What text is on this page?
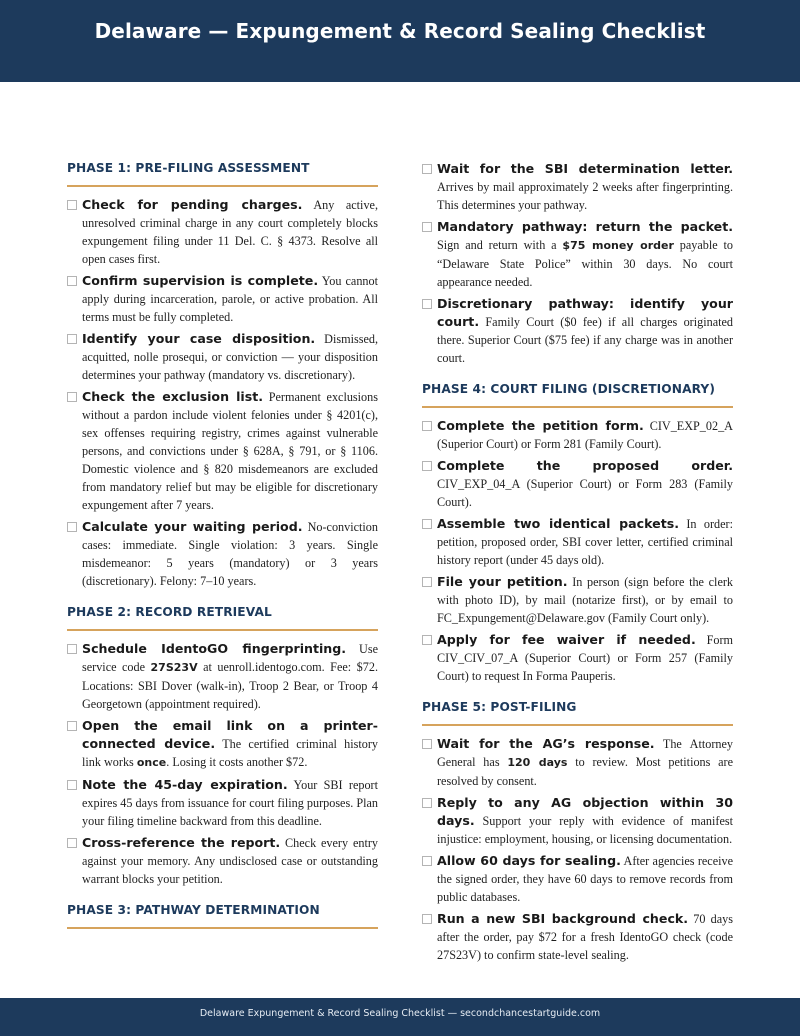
Delaware — Expungement & Record Sealing Checklist
PHASE 1: PRE-FILING ASSESSMENT
Check for pending charges. Any active, unresolved criminal charge in any court completely blocks expungement filing under 11 Del. C. § 4373. Resolve all open cases first.
Confirm supervision is complete. You cannot apply during incarceration, parole, or active probation. All terms must be fully completed.
Identify your case disposition. Dismissed, acquitted, nolle prosequi, or conviction — your disposition determines your pathway (mandatory vs. discretionary).
Check the exclusion list. Permanent exclusions without a pardon include violent felonies under § 4201(c), sex offenses requiring registry, crimes against vulnerable persons, and convictions under § 628A, § 791, or § 1106. Domestic violence and § 820 misdemeanors are excluded from mandatory relief but may be eligible for discretionary expungement after 7 years.
Calculate your waiting period. No-conviction cases: immediate. Single violation: 3 years. Single misdemeanor: 5 years (mandatory) or 3 years (discretionary). Felony: 7–10 years.
PHASE 2: RECORD RETRIEVAL
Schedule IdentoGO fingerprinting. Use service code 27S23V at uenroll.identogo.com. Fee: $72. Locations: SBI Dover (walk-in), Troop 2 Bear, or Troop 4 Georgetown (appointment required).
Open the email link on a printer-connected device. The certified criminal history link works once. Losing it costs another $72.
Note the 45-day expiration. Your SBI report expires 45 days from issuance for court filing purposes. Plan your filing timeline backward from this deadline.
Cross-reference the report. Check every entry against your memory. Any undisclosed case or outstanding warrant blocks your petition.
PHASE 3: PATHWAY DETERMINATION
Wait for the SBI determination letter. Arrives by mail approximately 2 weeks after fingerprinting. This determines your pathway.
Mandatory pathway: return the packet. Sign and return with a $75 money order payable to “Delaware State Police” within 30 days. No court appearance needed.
Discretionary pathway: identify your court. Family Court ($0 fee) if all charges originated there. Superior Court ($75 fee) if any charge was in another court.
PHASE 4: COURT FILING (DISCRETIONARY)
Complete the petition form. CIV_EXP_02_A (Superior Court) or Form 281 (Family Court).
Complete the proposed order. CIV_EXP_04_A (Superior Court) or Form 283 (Family Court).
Assemble two identical packets. In order: petition, proposed order, SBI cover letter, certified criminal history report (under 45 days old).
File your petition. In person (sign before the clerk with photo ID), by mail (notarize first), or by email to FC_Expungement@Delaware.gov (Family Court only).
Apply for fee waiver if needed. Form CIV_CIV_07_A (Superior Court) or Form 257 (Family Court) to request In Forma Pauperis.
PHASE 5: POST-FILING
Wait for the AG’s response. The Attorney General has 120 days to review. Most petitions are resolved by consent.
Reply to any AG objection within 30 days. Support your reply with evidence of manifest injustice: employment, housing, or licensing documentation.
Allow 60 days for sealing. After agencies receive the signed order, they have 60 days to remove records from public databases.
Run a new SBI background check. 70 days after the order, pay $72 for a fresh IdentoGO check (code 27S23V) to confirm state-level sealing.
Delaware Expungement & Record Sealing Checklist — secondchancestartguide.com
